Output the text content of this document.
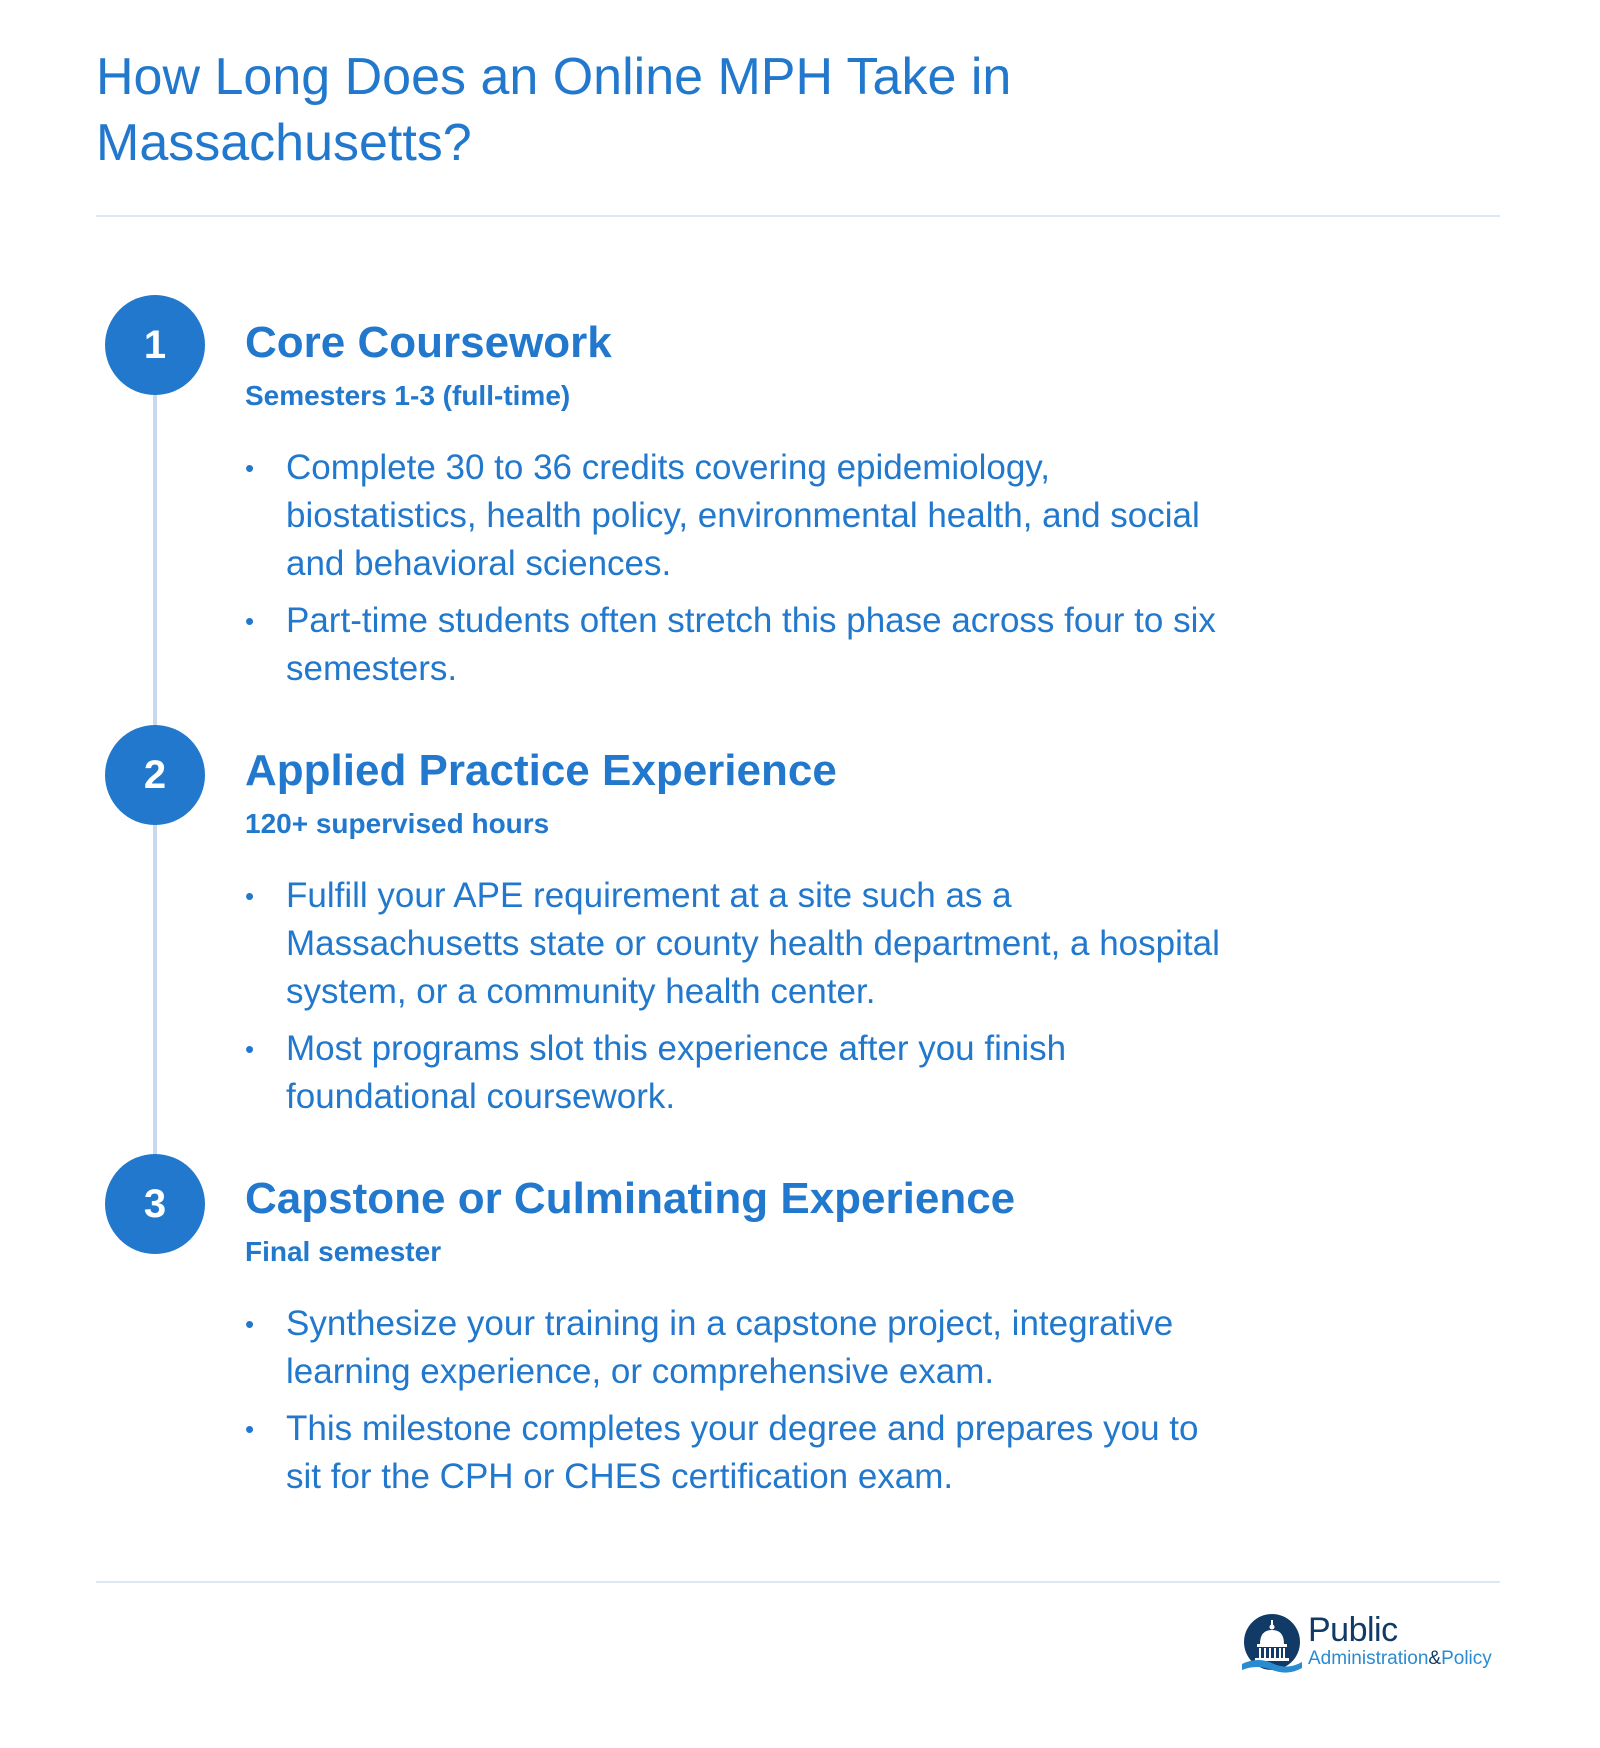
How Long Does an Online MPH Take in Massachusetts?
1	Core Coursework
Semesters 1-3 (full-time)
• Complete 30 to 36 credits covering epidemiology, biostatistics, health policy, environmental health, and social and behavioral sciences.
• Part-time students often stretch this phase across four to six semesters.
2	Applied Practice Experience
120+ supervised hours
• Fulfill your APE requirement at a site such as a Massachusetts state or county health department, a hospital system, or a community health center.
• Most programs slot this experience after you finish foundational coursework.
3	Capstone or Culminating Experience
Final semester
• Synthesize your training in a capstone project, integrative learning experience, or comprehensive exam.
• This milestone completes your degree and prepares you to sit for the CPH or CHES certification exam.
Public
Administration&Policy
